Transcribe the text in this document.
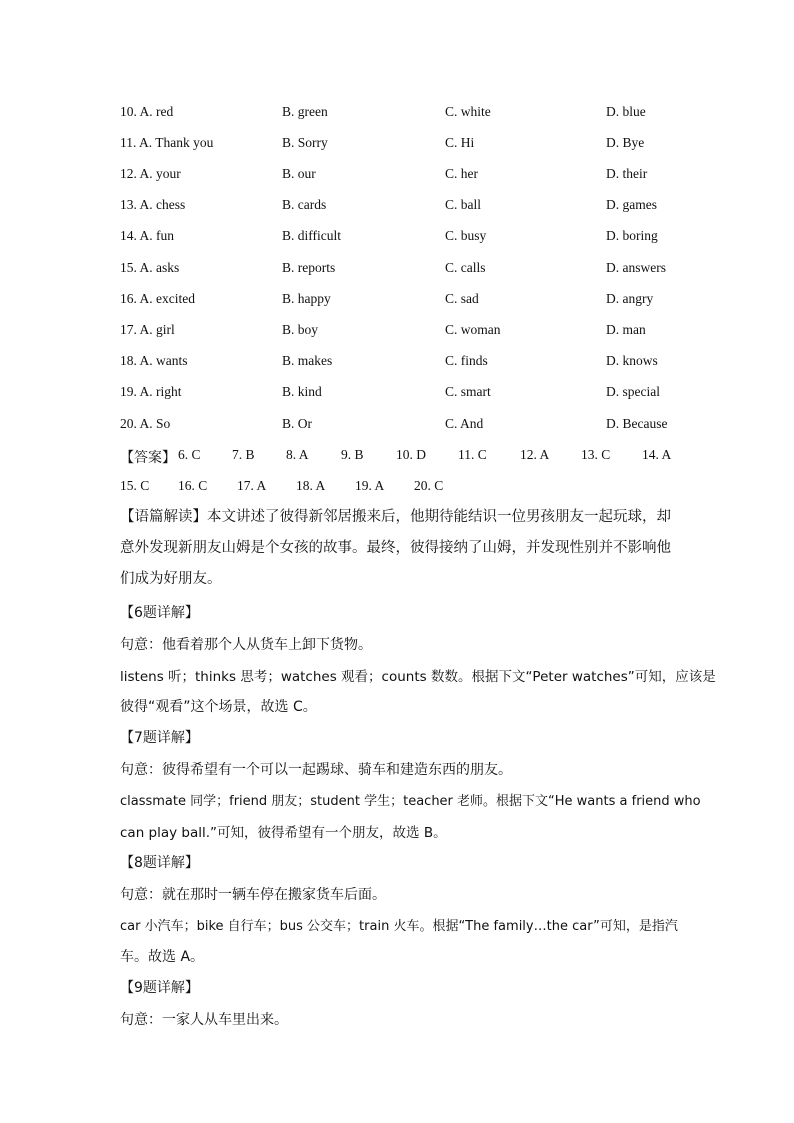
10. A. red	B. green	C. white	D. blue
11. A. Thank you	B. Sorry	C. Hi	D. Bye
12. A. your	B. our	C. her	D. their
13. A. chess	B. cards	C. ball	D. games
14. A. fun	B. difficult	C. busy	D. boring
15. A. asks	B. reports	C. calls	D. answers
16. A. excited	B. happy	C. sad	D. angry
17. A. girl	B. boy	C. woman	D. man
18. A. wants	B. makes	C. finds	D. knows
19. A. right	B. kind	C. smart	D. special
20. A. So	B. Or	C. And	D. Because
【答案】 6. C 7. B 8. A 9. B 10. D 11. C 12. A 13. C 14. A
15. C 16. C 17. A 18. A 19. A 20. C
【语篇解读】本文讲述了彼得新邻居搬来后，他期待能结识一位男孩朋友一起玩球，却意外发现新朋友山姆是个女孩的故事。最终，彼得接纳了山姆，并发现性别并不影响他们成为好朋友。
【6题详解】
句意：他看着那个人从货车上卸下货物。
listens 听；thinks 思考；watches 观看；counts 数数。根据下文“Peter watches”可知，应该是
彼得“观看”这个场景，故选 C。
【7题详解】
句意：彼得希望有一个可以一起踢球、骑车和建造东西的朋友。
classmate 同学；friend 朋友；student 学生；teacher 老师。根据下文“He wants a friend who
can play ball.”可知，彼得希望有一个朋友，故选 B。
【8题详解】
句意：就在那时一辆车停在搬家货车后面。
car 小汽车；bike 自行车；bus 公交车；train 火车。根据“The family…the car”可知，是指汽
车。故选 A。
【9题详解】
句意：一家人从车里出来。
